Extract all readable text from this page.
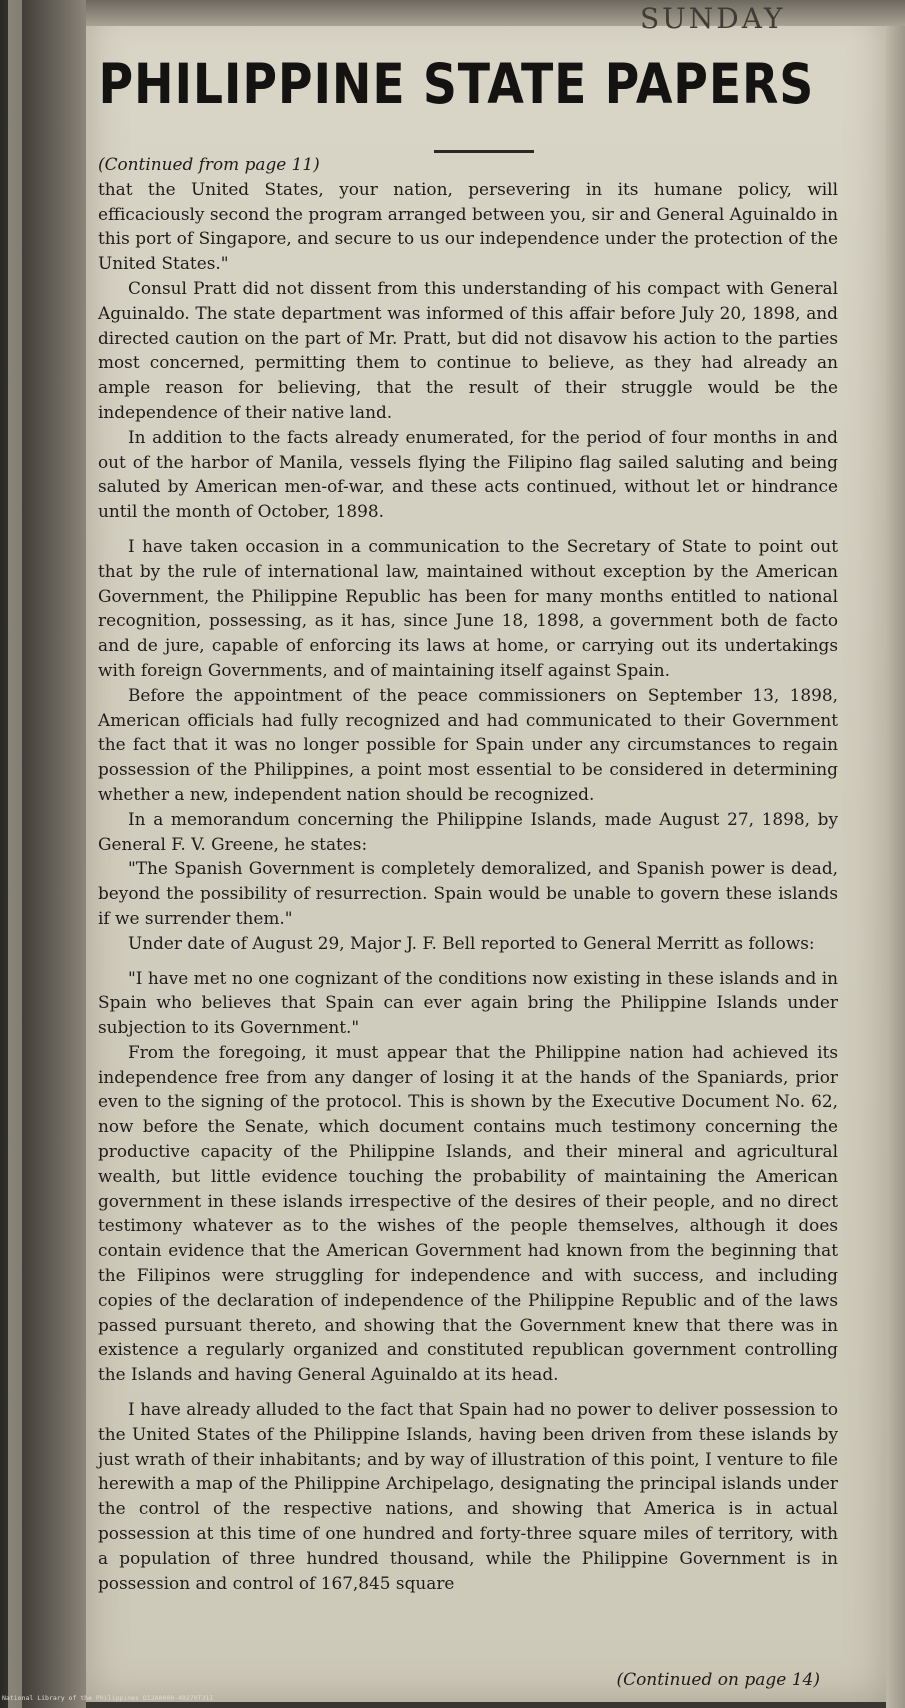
SUNDAY
PHILIPPINE STATE PAPERS

(Continued from page 11)

that the United States, your nation, persevering in its humane policy, will efficaciously second the program arranged between you, sir and General Aguinaldo in this port of Singapore, and secure to us our independence under the protection of the United States."

Consul Pratt did not dissent from this understanding of his compact with General Aguinaldo. The state department was informed of this affair before July 20, 1898, and directed caution on the part of Mr. Pratt, but did not disavow his action to the parties most concerned, permitting them to continue to believe, as they had already an ample reason for believing, that the result of their struggle would be the independence of their native land.

In addition to the facts already enumerated, for the period of four months in and out of the harbor of Manila, vessels flying the Filipino flag sailed saluting and being saluted by American men-of-war, and these acts continued, without let or hindrance until the month of October, 1898.

I have taken occasion in a communication to the Secretary of State to point out that by the rule of international law, maintained without exception by the American Government, the Philippine Republic has been for many months entitled to national recognition, possessing, as it has, since June 18, 1898, a government both de facto and de jure, capable of enforcing its laws at home, or carrying out its undertakings with foreign Governments, and of maintaining itself against Spain.

Before the appointment of the peace commissioners on September 13, 1898, American officials had fully recognized and had communicated to their Government the fact that it was no longer possible for Spain under any circumstances to regain possession of the Philippines, a point most essential to be considered in determining whether a new, independent nation should be recognized.

In a memorandum concerning the Philippine Islands, made August 27, 1898, by General F. V. Greene, he states:

"The Spanish Government is completely demoralized, and Spanish power is dead, beyond the possibility of resurrection. Spain would be unable to govern these islands if we surrender them."

Under date of August 29, Major J. F. Bell reported to General Merritt as follows:

"I have met no one cognizant of the conditions now existing in these islands and in Spain who believes that Spain can ever again bring the Philippine Islands under subjection to its Government."

From the foregoing, it must appear that the Philippine nation had achieved its independence free from any danger of losing it at the hands of the Spaniards, prior even to the signing of the protocol. This is shown by the Executive Document No. 62, now before the Senate, which document contains much testimony concerning the productive capacity of the Philippine Islands, and their mineral and agricultural wealth, but little evidence touching the probability of maintaining the American government in these islands irrespective of the desires of their people, and no direct testimony whatever as to the wishes of the people themselves, although it does contain evidence that the American Government had known from the beginning that the Filipinos were struggling for independence and with success, and including copies of the declaration of independence of the Philippine Republic and of the laws passed pursuant thereto, and showing that the Government knew that there was in existence a regularly organized and constituted republican government controlling the Islands and having General Aguinaldo at its head.

I have already alluded to the fact that Spain had no power to deliver possession to the United States of the Philippine Islands, having been driven from these islands by just wrath of their inhabitants; and by way of illustration of this point, I venture to file herewith a map of the Philippine Archipelago, designating the principal islands under the control of the respective nations, and showing that America is in actual possession at this time of one hundred and forty-three square miles of territory, with a population of three hundred thousand, while the Philippine Government is in possession and control of 167,845 square

(Continued on page 14)
National Library of the Philippines D12A0000-49270T31I
